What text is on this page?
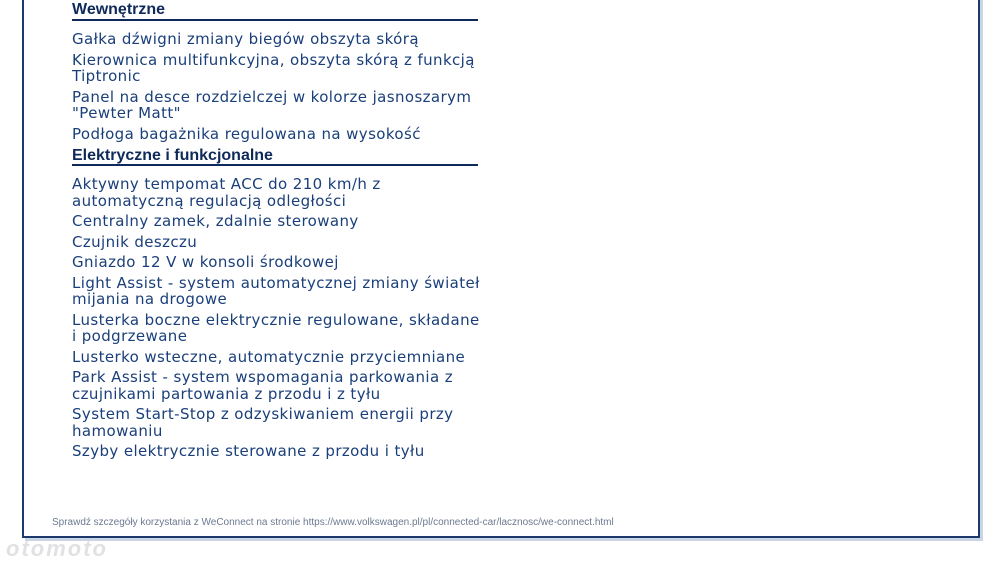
Wewnętrzne
Gałka dźwigni zmiany biegów obszyta skórą
Kierownica multifunkcyjna, obszyta skórą z funkcją Tiptronic
Panel na desce rozdzielczej w kolorze jasnoszarym "Pewter Matt"
Podłoga bagażnika regulowana na wysokość
Elektryczne i funkcjonalne
Aktywny tempomat ACC do 210 km/h z automatyczną regulacją odległości
Centralny zamek, zdalnie sterowany
Czujnik deszczu
Gniazdo 12 V w konsoli środkowej
Light Assist - system automatycznej zmiany świateł mijania na drogowe
Lusterka boczne elektrycznie regulowane, składane i podgrzewane
Lusterko wsteczne, automatycznie przyciemniane
Park Assist - system wspomagania parkowania z czujnikami partowania z przodu i z tyłu
System Start-Stop z odzyskiwaniem energii przy hamowaniu
Szyby elektrycznie sterowane z przodu i tyłu
Sprawdź szczegóły korzystania z WeConnect na stronie https://www.volkswagen.pl/pl/connected-car/lacznosc/we-connect.html
otomoto
